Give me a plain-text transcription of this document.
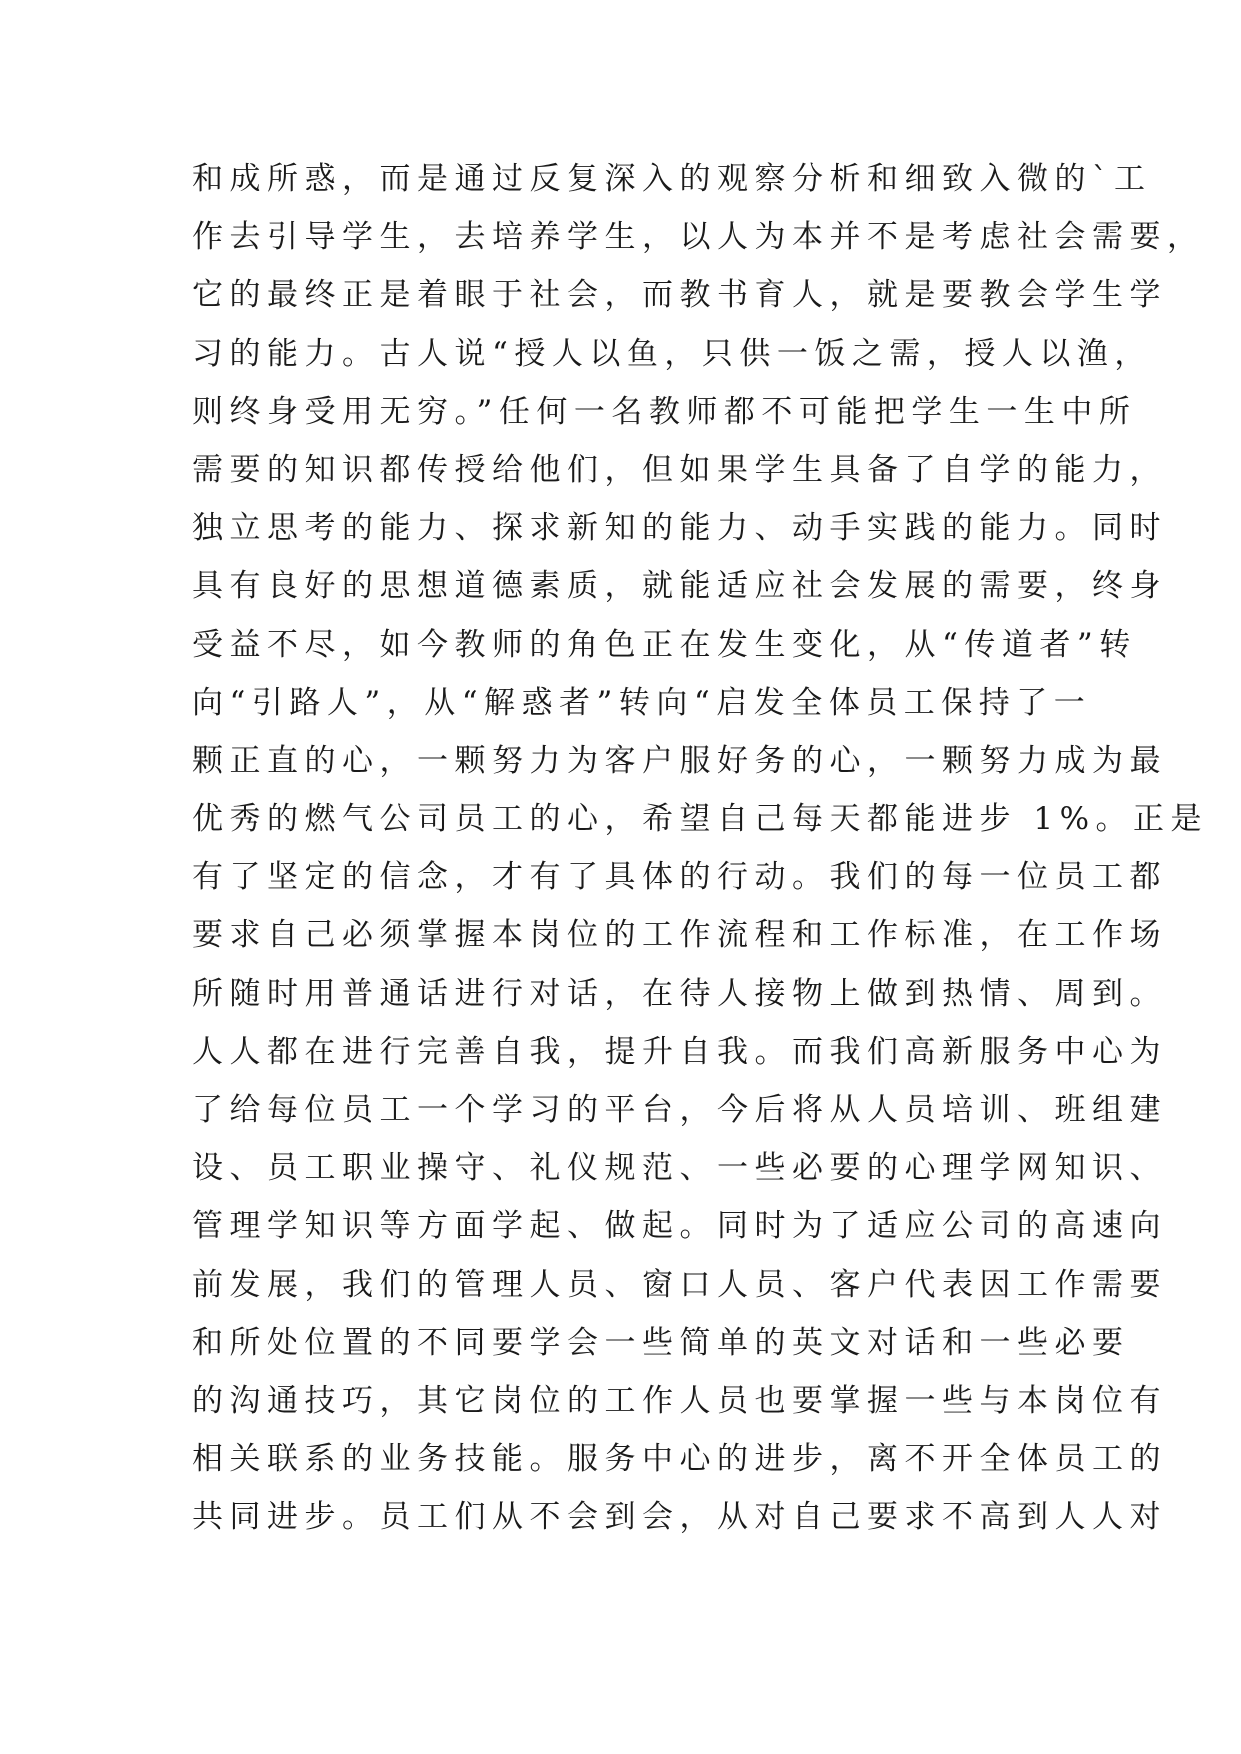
和成所惑，而是通过反复深入的观察分析和细致入微的`工
作去引导学生，去培养学生，以人为本并不是考虑社会需要，
它的最终正是着眼于社会，而教书育人，就是要教会学生学
习的能力。古人说“授人以鱼，只供一饭之需，授人以渔，
则终身受用无穷。”任何一名教师都不可能把学生一生中所
需要的知识都传授给他们，但如果学生具备了自学的能力，
独立思考的能力、探求新知的能力、动手实践的能力。同时
具有良好的思想道德素质，就能适应社会发展的需要，终身
受益不尽，如今教师的角色正在发生变化，从“传道者”转
向“引路人”，从“解惑者”转向“启发全体员工保持了一
颗正直的心，一颗努力为客户服好务的心，一颗努力成为最
优秀的燃气公司员工的心，希望自己每天都能进步 1%。正是
有了坚定的信念，才有了具体的行动。我们的每一位员工都
要求自己必须掌握本岗位的工作流程和工作标准，在工作场
所随时用普通话进行对话，在待人接物上做到热情、周到。
人人都在进行完善自我，提升自我。而我们高新服务中心为
了给每位员工一个学习的平台，今后将从人员培训、班组建
设、员工职业操守、礼仪规范、一些必要的心理学网知识、
管理学知识等方面学起、做起。同时为了适应公司的高速向
前发展，我们的管理人员、窗口人员、客户代表因工作需要
和所处位置的不同要学会一些简单的英文对话和一些必要
的沟通技巧，其它岗位的工作人员也要掌握一些与本岗位有
相关联系的业务技能。服务中心的进步，离不开全体员工的
共同进步。员工们从不会到会，从对自己要求不高到人人对
